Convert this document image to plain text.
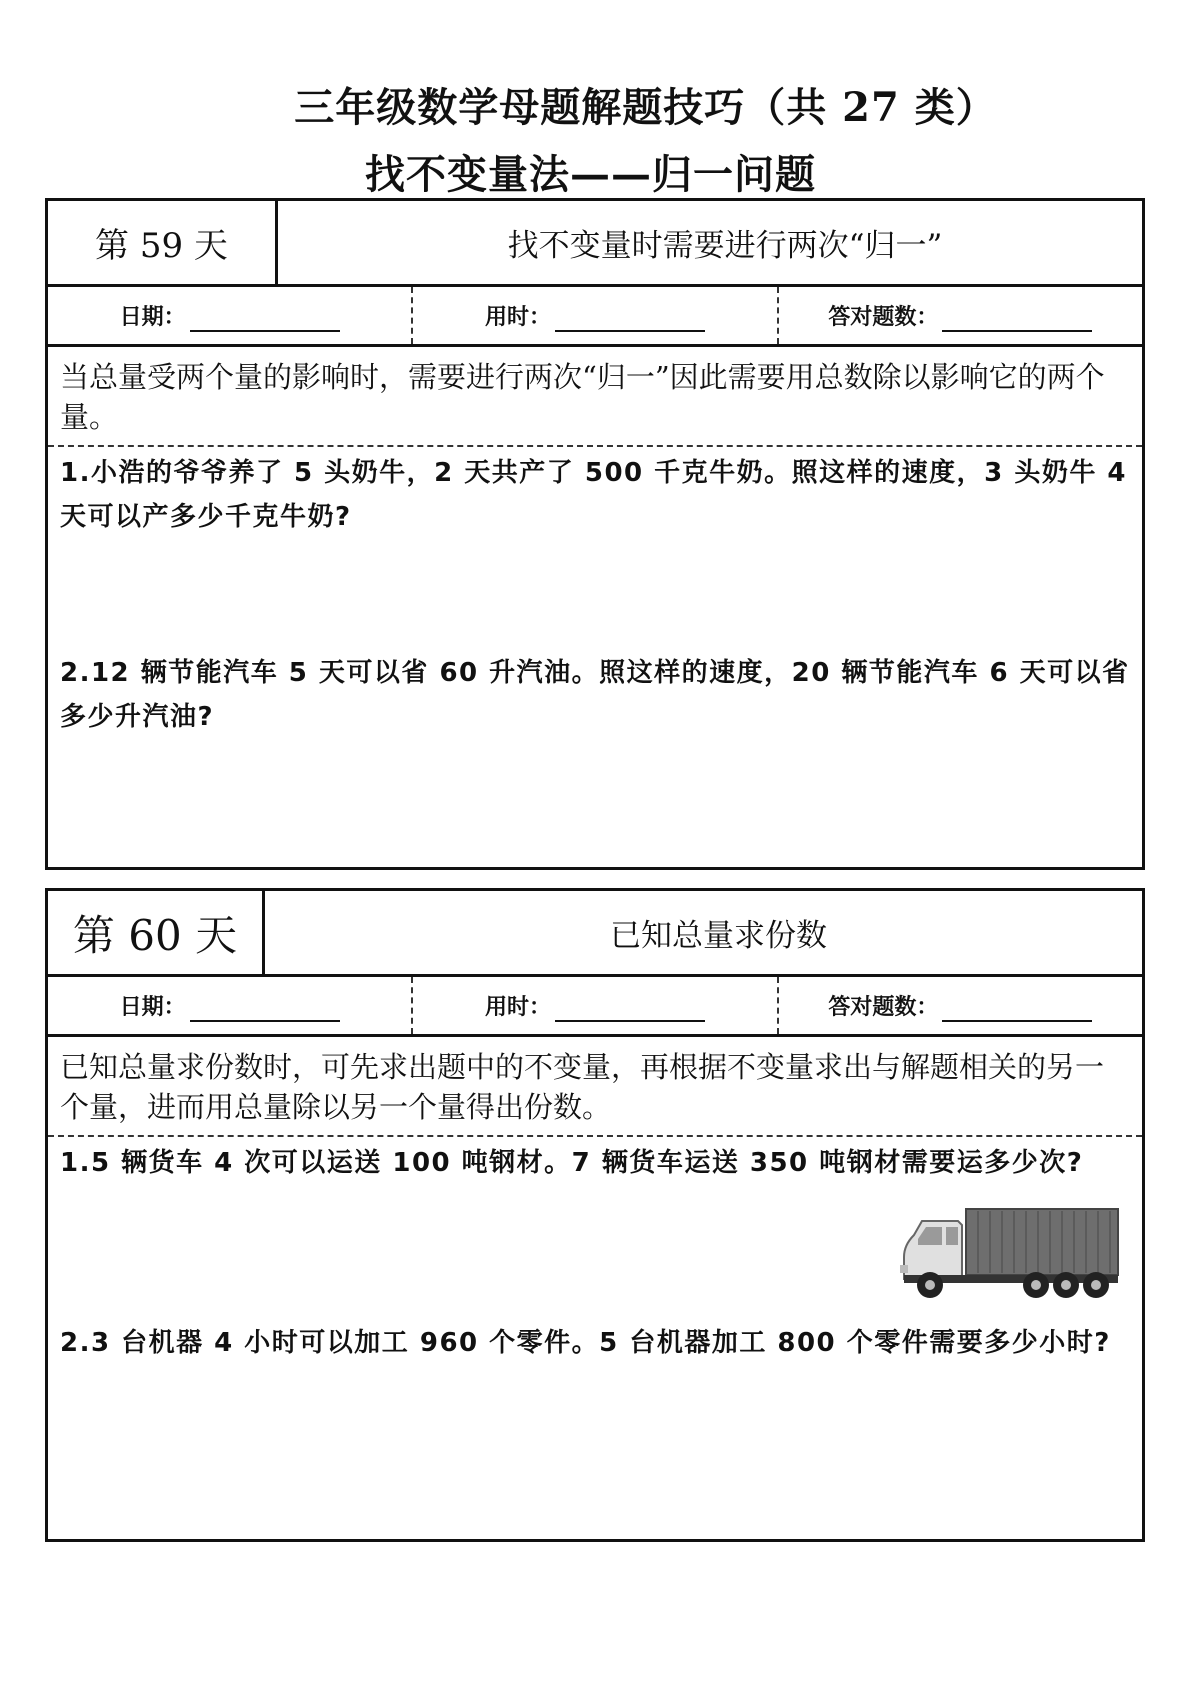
三年级数学母题解题技巧（共 27 类）
找不变量法——归一问题
第 59 天	找不变量时需要进行两次“归一”
日期：	用时：	答对题数：
当总量受两个量的影响时，需要进行两次“归一”因此需要用总数除以影响它的两个量。
1.小浩的爷爷养了 5 头奶牛，2 天共产了 500 千克牛奶。照这样的速度，3 头奶牛 4 天可以产多少千克牛奶?
2.12 辆节能汽车 5 天可以省 60 升汽油。照这样的速度，20 辆节能汽车 6 天可以省多少升汽油?
第 60 天	已知总量求份数
日期：	用时：	答对题数：
已知总量求份数时，可先求出题中的不变量，再根据不变量求出与解题相关的另一个量，进而用总量除以另一个量得出份数。
1.5 辆货车 4 次可以运送 100 吨钢材。7 辆货车运送 350 吨钢材需要运多少次?
2.3 台机器 4 小时可以加工 960 个零件。5 台机器加工 800 个零件需要多少小时?
